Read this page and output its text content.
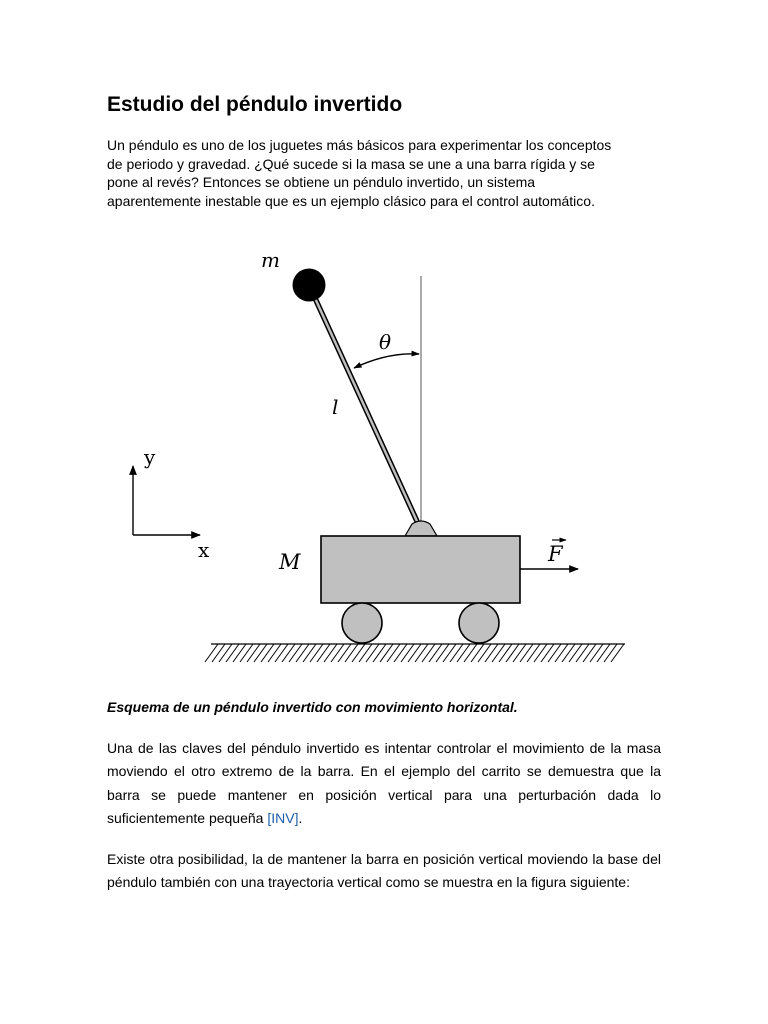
Estudio del péndulo invertido

Un péndulo es uno de los juguetes más básicos para experimentar los conceptos
de periodo y gravedad. ¿Qué sucede si la masa se une a una barra rígida y se
pone al revés? Entonces se obtiene un péndulo invertido, un sistema
aparentemente inestable que es un ejemplo clásico para el control automático.

m
θ
l
y
x	M	F

Esquema de un péndulo invertido con movimiento horizontal.

Una de las claves del péndulo invertido es intentar controlar el movimiento de la masa moviendo el otro extremo de la barra. En el ejemplo del carrito se demuestra que la barra se puede mantener en posición vertical para una perturbación dada lo suficientemente pequeña [INV].

Existe otra posibilidad, la de mantener la barra en posición vertical moviendo la base del péndulo también con una trayectoria vertical como se muestra en la figura siguiente:
